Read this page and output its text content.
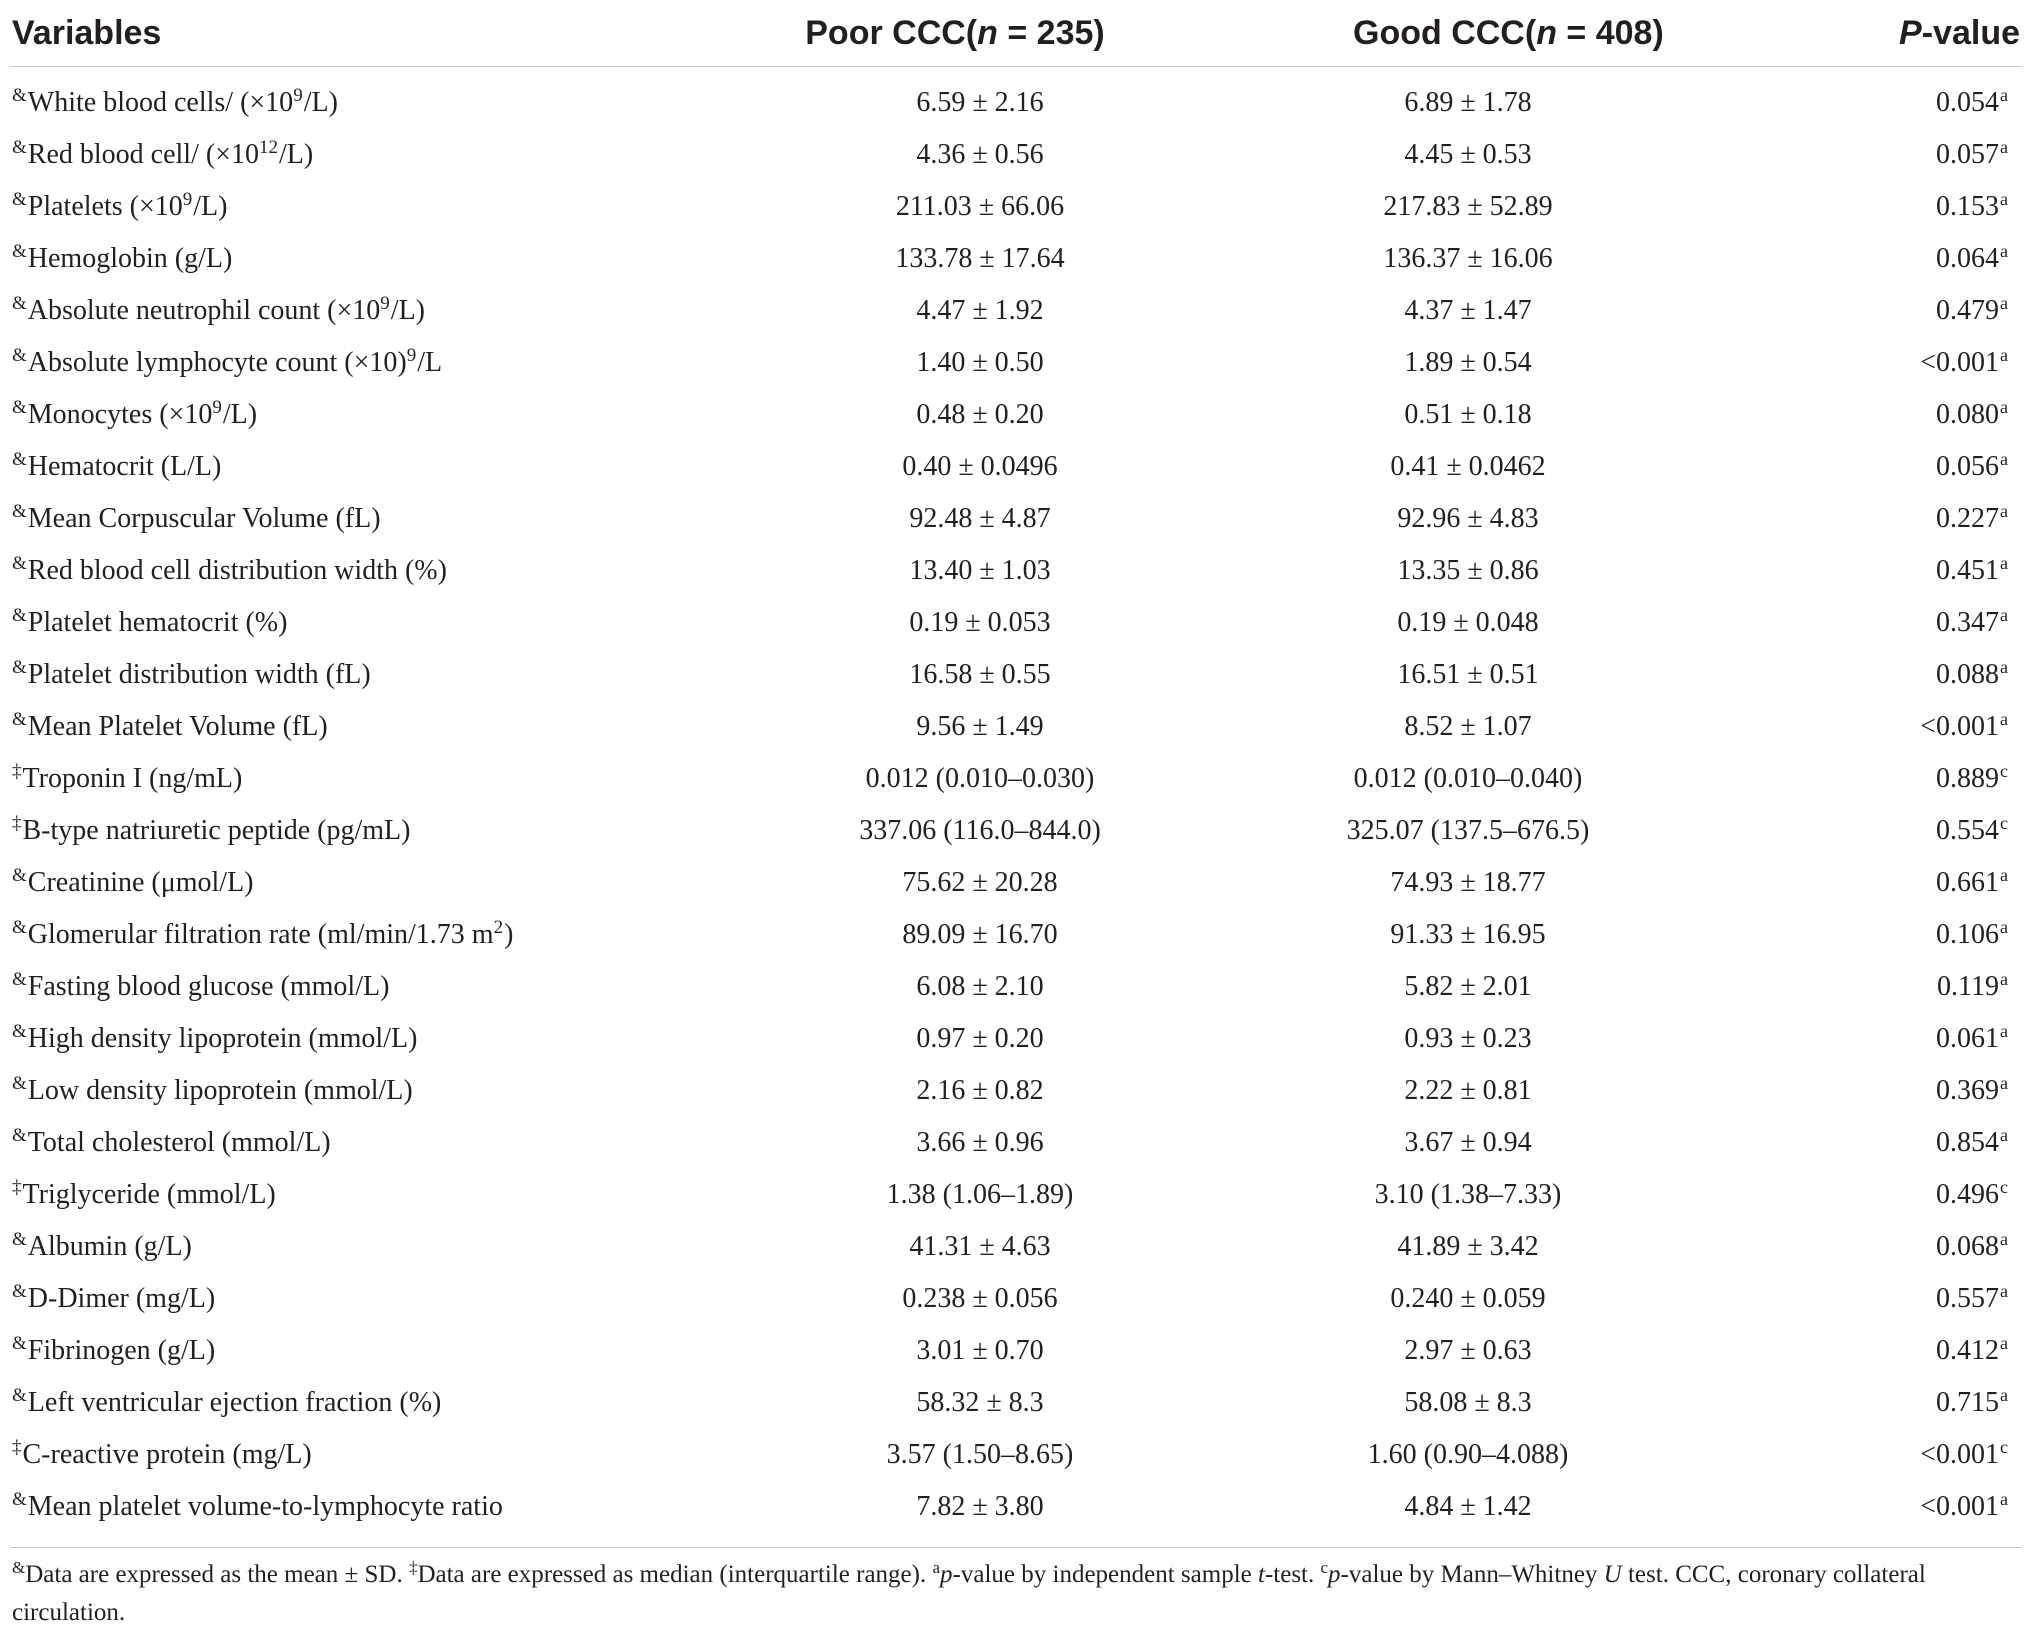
Variables	Poor CCC(n = 235)	Good CCC(n = 408)	P-value
&White blood cells/ $(\times 10^9/L)$	6.59 ± 2.16	6.89 ± 1.78	0.054$^a$
&Red blood cell/ $(\times 10^{12}/L)$	4.36 ± 0.56	4.45 ± 0.53	0.057$^a$
&Platelets $(\times 10^9/L)$	211.03 ± 66.06	217.83 ± 52.89	0.153$^a$
&Hemoglobin (g/L)	133.78 ± 17.64	136.37 ± 16.06	0.064$^a$
&Absolute neutrophil count $(\times 10^9/L)$	4.47 ± 1.92	4.37 ± 1.47	0.479$^a$
&Absolute lymphocyte count $(\times 10)^9/L$	1.40 ± 0.50	1.89 ± 0.54	<0.001$^a$
&Monocytes $(\times 10^9/L)$	0.48 ± 0.20	0.51 ± 0.18	0.080$^a$
&Hematocrit (L/L)	0.40 ± 0.0496	0.41 ± 0.0462	0.056$^a$
&Mean Corpuscular Volume (fL)	92.48 ± 4.87	92.96 ± 4.83	0.227$^a$
&Red blood cell distribution width (%)	13.40 ± 1.03	13.35 ± 0.86	0.451$^a$
&Platelet hematocrit (%)	0.19 ± 0.053	0.19 ± 0.048	0.347$^a$
&Platelet distribution width (fL)	16.58 ± 0.55	16.51 ± 0.51	0.088$^a$
&Mean Platelet Volume (fL)	9.56 ± 1.49	8.52 ± 1.07	<0.001$^a$
‡Troponin I (ng/mL)	0.012 (0.010–0.030)	0.012 (0.010–0.040)	0.889$^c$
‡B-type natriuretic peptide (pg/mL)	337.06 (116.0–844.0)	325.07 (137.5–676.5)	0.554$^c$
&Creatinine (μmol/L)	75.62 ± 20.28	74.93 ± 18.77	0.661$^a$
&Glomerular filtration rate (ml/min/1.73 $m^2$)	89.09 ± 16.70	91.33 ± 16.95	0.106$^a$
&Fasting blood glucose (mmol/L)	6.08 ± 2.10	5.82 ± 2.01	0.119$^a$
&High density lipoprotein (mmol/L)	0.97 ± 0.20	0.93 ± 0.23	0.061$^a$
&Low density lipoprotein (mmol/L)	2.16 ± 0.82	2.22 ± 0.81	0.369$^a$
&Total cholesterol (mmol/L)	3.66 ± 0.96	3.67 ± 0.94	0.854$^a$
‡Triglyceride (mmol/L)	1.38 (1.06–1.89)	3.10 (1.38–7.33)	0.496$^c$
&Albumin (g/L)	41.31 ± 4.63	41.89 ± 3.42	0.068$^a$
&D-Dimer (mg/L)	0.238 ± 0.056	0.240 ± 0.059	0.557$^a$
&Fibrinogen (g/L)	3.01 ± 0.70	2.97 ± 0.63	0.412$^a$
&Left ventricular ejection fraction (%)	58.32 ± 8.3	58.08 ± 8.3	0.715$^a$
‡C-reactive protein (mg/L)	3.57 (1.50–8.65)	1.60 (0.90–4.088)	<0.001$^c$
&Mean platelet volume-to-lymphocyte ratio	7.82 ± 3.80	4.84 ± 1.42	<0.001$^a$
&Data are expressed as the mean ± SD. ‡Data are expressed as median (interquartile range). $^a$p-value by independent sample t-test. $^c$p-value by Mann–Whitney U test. CCC, coronary collateral circulation.
